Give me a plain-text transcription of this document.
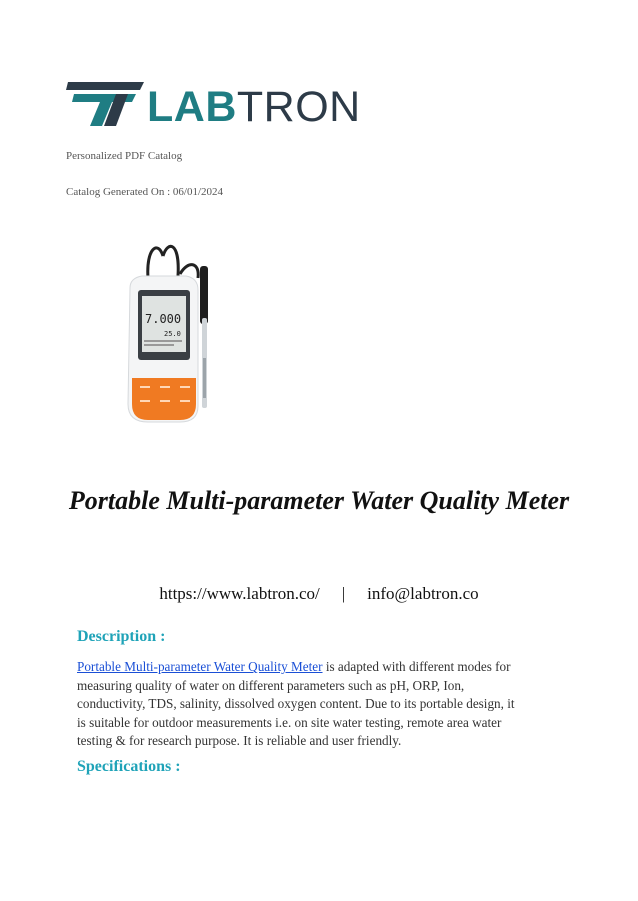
LABTRON
Personalized PDF Catalog
Catalog Generated On : 06/01/2024
7.000
25.0
Portable Multi-parameter Water Quality Meter
https://www.labtron.co/ | info@labtron.co
Description :
Portable Multi-parameter Water Quality Meter is adapted with different modes for measuring quality of water on different parameters such as pH, ORP, Ion, conductivity, TDS, salinity, dissolved oxygen content. Due to its portable design, it is suitable for outdoor measurements i.e. on site water testing, remote area water testing & for research purpose. It is reliable and user friendly.
Specifications :
